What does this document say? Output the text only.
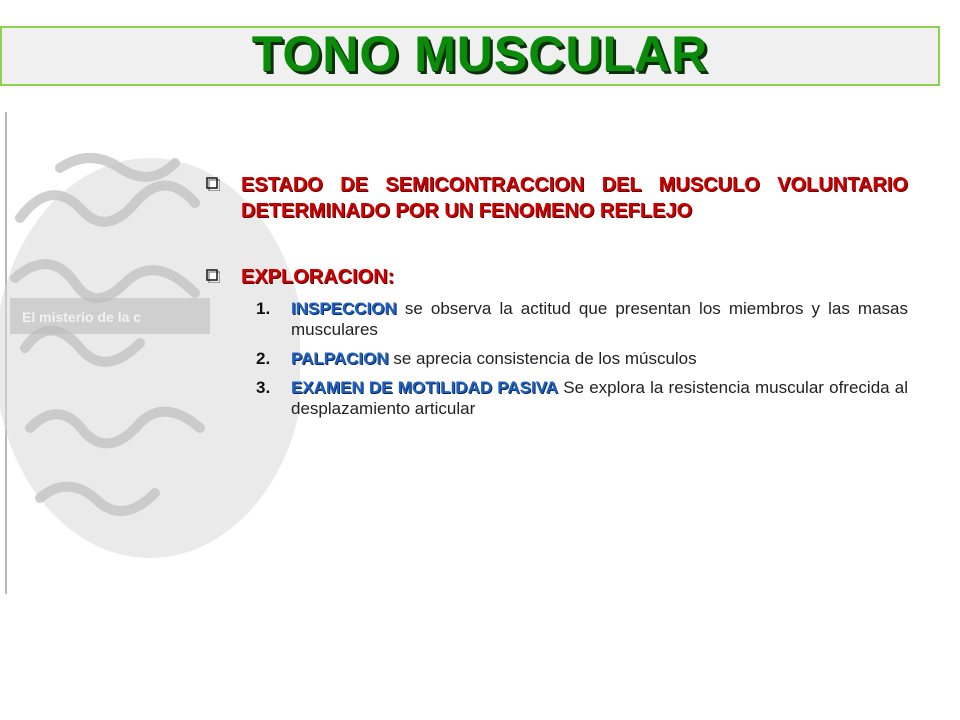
TONO MUSCULAR
El misterio de la c
ESTADO DE SEMICONTRACCION DEL MUSCULO VOLUNTARIO DETERMINADO POR UN FENOMENO REFLEJO
EXPLORACION:
1. INSPECCION se observa la actitud que presentan los miembros y las masas musculares
2. PALPACION se aprecia consistencia de los músculos
3. EXAMEN DE MOTILIDAD PASIVA Se explora la resistencia muscular ofrecida al desplazamiento articular
